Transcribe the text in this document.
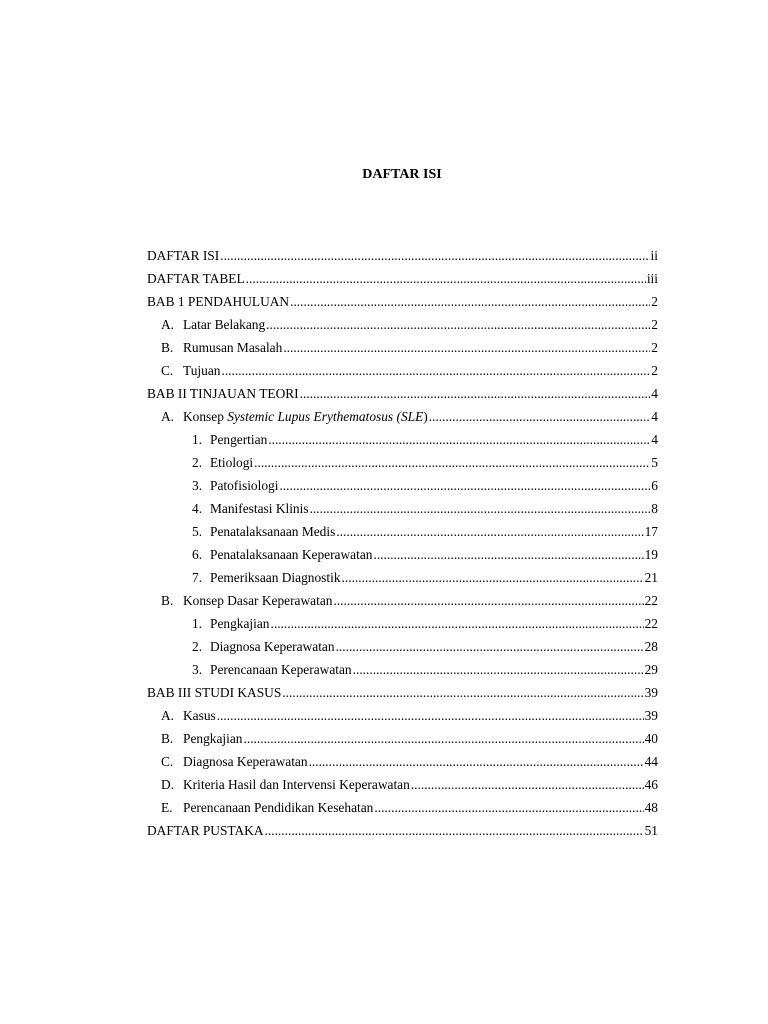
DAFTAR ISI
DAFTAR ISI .....	ii
DAFTAR TABEL .....	iii
BAB 1 PENDAHULUAN .....	2
A. Latar Belakang .....	2
B. Rumusan Masalah .....	2
C. Tujuan .....	2
BAB II TINJAUAN TEORI .....	4
A. Konsep Systemic Lupus Erythematosus (SLE) .....	4
1. Pengertian .....	4
2. Etiologi .....	5
3. Patofisiologi .....	6
4. Manifestasi Klinis .....	8
5. Penatalaksanaan Medis .....	17
6. Penatalaksanaan Keperawatan .....	19
7. Pemeriksaan Diagnostik .....	21
B. Konsep Dasar Keperawatan .....	22
1. Pengkajian .....	22
2. Diagnosa Keperawatan .....	28
3. Perencanaan Keperawatan .....	29
BAB III STUDI KASUS .....	39
A. Kasus .....	39
B. Pengkajian .....	40
C. Diagnosa Keperawatan .....	44
D. Kriteria Hasil dan Intervensi Keperawatan .....	46
E. Perencanaan Pendidikan Kesehatan .....	48
DAFTAR PUSTAKA .....	51
